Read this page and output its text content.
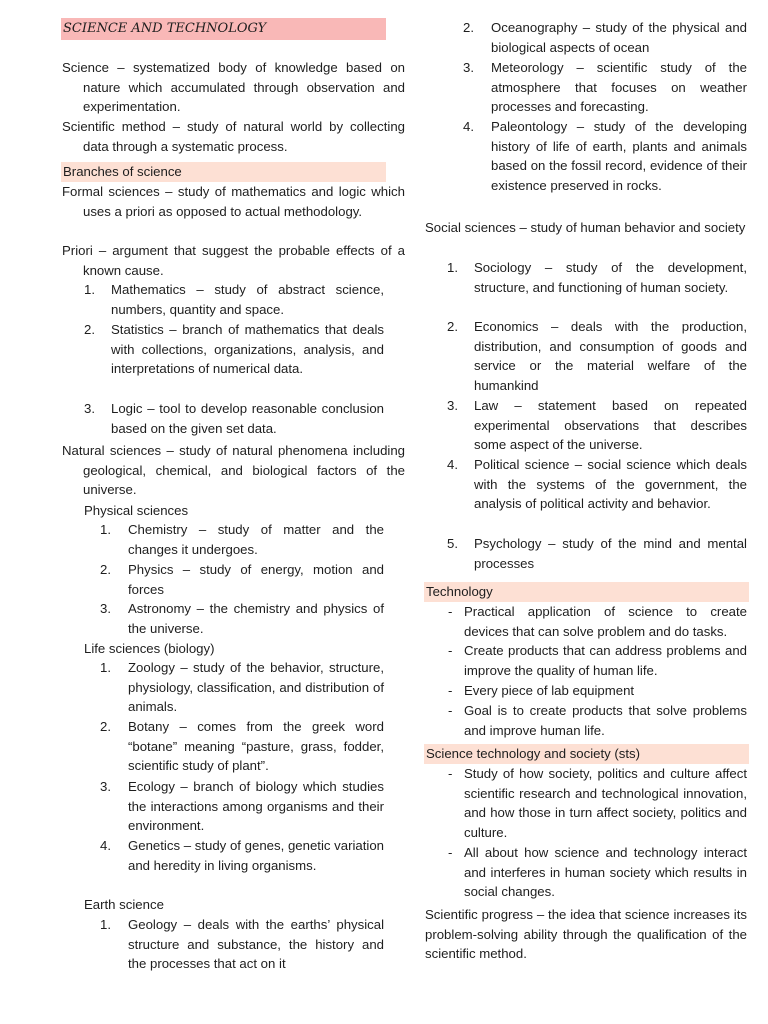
SCIENCE AND TECHNOLOGY

Science – systematized body of knowledge based on nature which accumulated through observation and experimentation.

Scientific method – study of natural world by collecting data through a systematic process.

Branches of science

Formal sciences – study of mathematics and logic which uses a priori as opposed to actual methodology.

Priori – argument that suggest the probable effects of a known cause.

1.	Mathematics – study of abstract science, numbers, quantity and space.

2.	Statistics – branch of mathematics that deals with collections, organizations, analysis, and interpretations of numerical data.

3.	Logic – tool to develop reasonable conclusion based on the given set data.

Natural sciences – study of natural phenomena including geological, chemical, and biological factors of the universe.

Physical sciences

1.	Chemistry – study of matter and the changes it undergoes.

2.	Physics – study of energy, motion and forces

3.	Astronomy – the chemistry and physics of the universe.

Life sciences (biology)

1.	Zoology – study of the behavior, structure, physiology, classification, and distribution of animals.

2.	Botany – comes from the greek word “botane” meaning “pasture, grass, fodder, scientific study of plant”.

3.	Ecology – branch of biology which studies the interactions among organisms and their environment.

4.	Genetics – study of genes, genetic variation and heredity in living organisms.

Earth science

1.	Geology – deals with the earths’ physical structure and substance, the history and the processes that act on it

2.	Oceanography – study of the physical and biological aspects of ocean

3.	Meteorology – scientific study of the atmosphere that focuses on weather processes and forecasting.

4.	Paleontology – study of the developing history of life of earth, plants and animals based on the fossil record, evidence of their existence preserved in rocks.

Social sciences – study of human behavior and society

1.	Sociology – study of the development, structure, and functioning of human society.

2.	Economics – deals with the production, distribution, and consumption of goods and service or the material welfare of the humankind

3.	Law – statement based on repeated experimental observations that describes some aspect of the universe.

4.	Political science – social science which deals with the systems of the government, the analysis of political activity and behavior.

5.	Psychology – study of the mind and mental processes

Technology
- Practical application of science to create devices that can solve problem and do tasks.

- Create products that can address problems and improve the quality of human life.

- Every piece of lab equipment

- Goal is to create products that solve problems and improve human life.

Science technology and society (sts)
- Study of how society, politics and culture affect scientific research and technological innovation, and how those in turn affect society, politics and culture.

- All about how science and technology interact and interferes in human society which results in social changes.

Scientific progress – the idea that science increases its problem-solving ability through the qualification of the scientific method.
